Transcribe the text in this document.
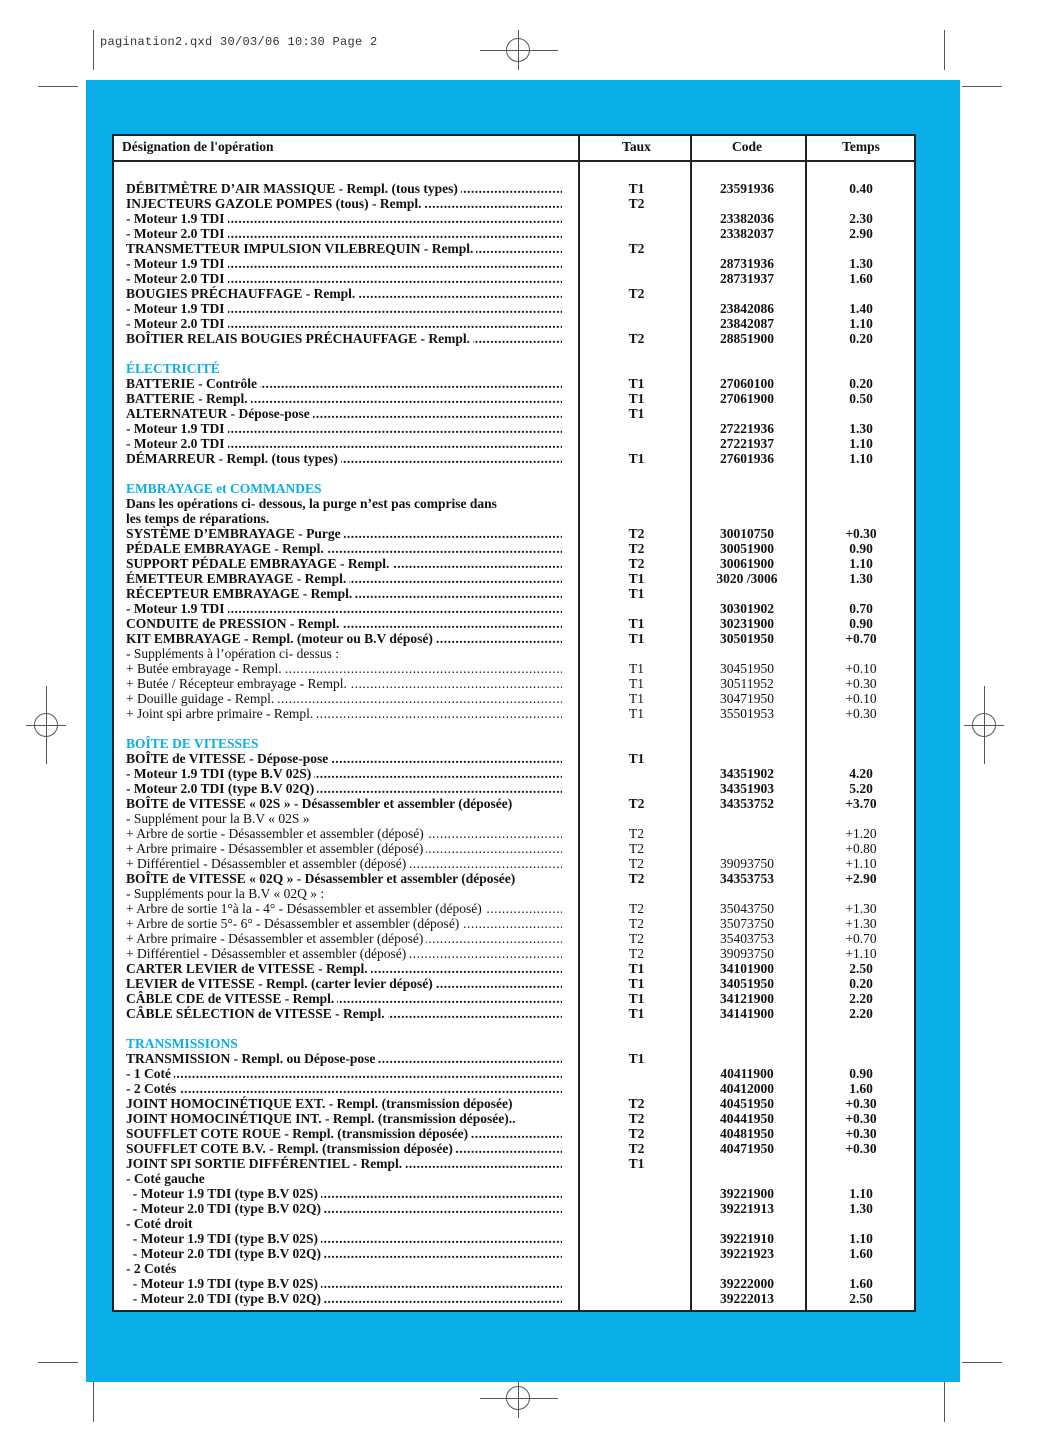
pagination2.qxd 30/03/06 10:30 Page 2
Désignation de l'opération	Taux	Code	Temps
DÉBITMÈTRE D’AIR MASSIQUE - Rempl. (tous types) .....	T1	23591936	0.40
INJECTEURS GAZOLE POMPES (tous) - Rempl. .....	T2
- Moteur 1.9 TDI .....	23382036	2.30
- Moteur 2.0 TDI .....	23382037	2.90
TRANSMETTEUR IMPULSION VILEBREQUIN - Rempl. .....	T2
- Moteur 1.9 TDI .....	28731936	1.30
- Moteur 2.0 TDI .....	28731937	1.60
BOUGIES PRÉCHAUFFAGE - Rempl. .....	T2
- Moteur 1.9 TDI .....	23842086	1.40
- Moteur 2.0 TDI .....	23842087	1.10
BOÎTIER RELAIS BOUGIES PRÉCHAUFFAGE - Rempl. .....	T2	28851900	0.20
ÉLECTRICITÉ
BATTERIE - Contrôle .....	T1	27060100	0.20
BATTERIE - Rempl. .....	T1	27061900	0.50
ALTERNATEUR - Dépose-pose .....	T1
- Moteur 1.9 TDI .....	27221936	1.30
- Moteur 2.0 TDI .....	27221937	1.10
DÉMARREUR - Rempl. (tous types) .....	T1	27601936	1.10
EMBRAYAGE et COMMANDES
Dans les opérations ci- dessous, la purge n’est pas comprise dans
les temps de réparations.
SYSTÈME D’EMBRAYAGE - Purge .....	T2	30010750	+0.30
PÉDALE EMBRAYAGE - Rempl. .....	T2	30051900	0.90
SUPPORT PÉDALE EMBRAYAGE - Rempl. .....	T2	30061900	1.10
ÉMETTEUR EMBRAYAGE - Rempl. .....	T1	3020 /3006	1.30
RÉCEPTEUR EMBRAYAGE - Rempl. .....	T1
- Moteur 1.9 TDI .....	30301902	0.70
CONDUITE de PRESSION - Rempl. .....	T1	30231900	0.90
KIT EMBRAYAGE - Rempl. (moteur ou B.V déposé) .....	T1	30501950	+0.70
- Suppléments à l’opération ci- dessus :
+ Butée embrayage - Rempl. .....	T1	30451950	+0.10
+ Butée / Récepteur embrayage - Rempl. .....	T1	30511952	+0.30
+ Douille guidage - Rempl. .....	T1	30471950	+0.10
+ Joint spi arbre primaire - Rempl. .....	T1	35501953	+0.30
BOÎTE DE VITESSES
BOÎTE de VITESSE - Dépose-pose .....	T1
- Moteur 1.9 TDI (type B.V 02S) .....	34351902	4.20
- Moteur 2.0 TDI (type B.V 02Q) .....	34351903	5.20
BOÎTE de VITESSE « 02S » - Désassembler et assembler (déposée)	T2	34353752	+3.70
- Supplément pour la B.V « 02S »
+ Arbre de sortie - Désassembler et assembler (déposé) .....	T2	+1.20
+ Arbre primaire - Désassembler et assembler (déposé) .....	T2	+0.80
+ Différentiel - Désassembler et assembler (déposé) .....	T2	39093750	+1.10
BOÎTE de VITESSE « 02Q » - Désassembler et assembler (déposée)	T2	34353753	+2.90
- Suppléments pour la B.V « 02Q » :
+ Arbre de sortie 1°à la - 4° - Désassembler et assembler (déposé) .....	T2	35043750	+1.30
+ Arbre de sortie 5°- 6° - Désassembler et assembler (déposé) .....	T2	35073750	+1.30
+ Arbre primaire - Désassembler et assembler (déposé) .....	T2	35403753	+0.70
+ Différentiel - Désassembler et assembler (déposé) .....	T2	39093750	+1.10
CARTER LEVIER de VITESSE - Rempl. .....	T1	34101900	2.50
LEVIER de VITESSE - Rempl. (carter levier déposé) .....	T1	34051950	0.20
CÂBLE CDE de VITESSE - Rempl. .....	T1	34121900	2.20
CÂBLE SÉLECTION de VITESSE - Rempl. .....	T1	34141900	2.20
TRANSMISSIONS
TRANSMISSION - Rempl. ou Dépose-pose .....	T1
- 1 Coté .....	40411900	0.90
- 2 Cotés .....	40412000	1.60
JOINT HOMOCINÉTIQUE EXT. - Rempl. (transmission déposée)	T2	40451950	+0.30
JOINT HOMOCINÉTIQUE INT. - Rempl. (transmission déposée)..	T2	40441950	+0.30
SOUFFLET COTE ROUE - Rempl. (transmission déposée) .....	T2	40481950	+0.30
SOUFFLET COTE B.V. - Rempl. (transmission déposée) .....	T2	40471950	+0.30
JOINT SPI SORTIE DIFFÉRENTIEL - Rempl. .....	T1
- Coté gauche
- Moteur 1.9 TDI (type B.V 02S) .....	39221900	1.10
- Moteur 2.0 TDI (type B.V 02Q) .....	39221913	1.30
- Coté droit
- Moteur 1.9 TDI (type B.V 02S) .....	39221910	1.10
- Moteur 2.0 TDI (type B.V 02Q) .....	39221923	1.60
- 2 Cotés
- Moteur 1.9 TDI (type B.V 02S) .....	39222000	1.60
- Moteur 2.0 TDI (type B.V 02Q) .....	39222013	2.50
